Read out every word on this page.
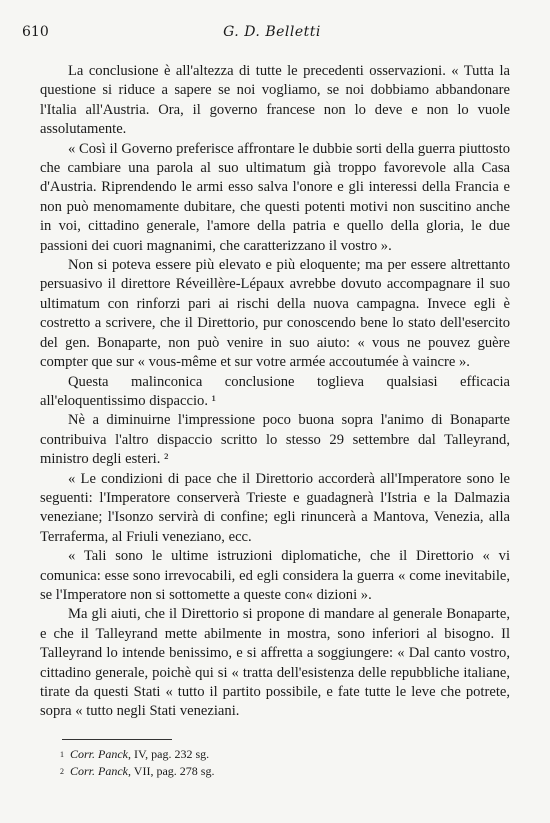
610	G. D. Belletti

La conclusione è all'altezza di tutte le precedenti osservazioni. « Tutta la questione si riduce a sapere se noi vogliamo, se noi dobbiamo abbandonare l'Italia all'Austria. Ora, il governo francese non lo deve e non lo vuole assolutamente.

« Così il Governo preferisce affrontare le dubbie sorti della guerra piuttosto che cambiare una parola al suo ultimatum già troppo favorevole alla Casa d'Austria. Riprendendo le armi esso salva l'onore e gli interessi della Francia e non può menomamente dubitare, che questi potenti motivi non suscitino anche in voi, cittadino generale, l'amore della patria e quello della gloria, le due passioni dei cuori magnanimi, che caratterizzano il vostro ».

Non si poteva essere più elevato e più eloquente; ma per essere altrettanto persuasivo il direttore Réveillère-Lépaux avrebbe dovuto accompagnare il suo ultimatum con rinforzi pari ai rischi della nuova campagna. Invece egli è costretto a scrivere, che il Direttorio, pur conoscendo bene lo stato dell'esercito del gen. Bonaparte, non può venire in suo aiuto: « vous ne pouvez guère compter que sur « vous-même et sur votre armée accoutumée à vaincre ».

Questa malinconica conclusione toglieva qualsiasi efficacia all'eloquentissimo dispaccio. ¹

Nè a diminuirne l'impressione poco buona sopra l'animo di Bonaparte contribuiva l'altro dispaccio scritto lo stesso 29 settembre dal Talleyrand, ministro degli esteri. ²

« Le condizioni di pace che il Direttorio accorderà all'Imperatore sono le seguenti: l'Imperatore conserverà Trieste e guadagnerà l'Istria e la Dalmazia veneziane; l'Isonzo servirà di confine; egli rinuncerà a Mantova, Venezia, alla Terraferma, al Friuli veneziano, ecc.

« Tali sono le ultime istruzioni diplomatiche, che il Direttorio « vi comunica: esse sono irrevocabili, ed egli considera la guerra « come inevitabile, se l'Imperatore non si sottomette a queste con« dizioni ».

Ma gli aiuti, che il Direttorio si propone di mandare al generale Bonaparte, e che il Talleyrand mette abilmente in mostra, sono inferiori al bisogno. Il Talleyrand lo intende benissimo, e si affretta a soggiungere: « Dal canto vostro, cittadino generale, poichè qui si « tratta dell'esistenza delle repubbliche italiane, tirate da questi Stati « tutto il partito possibile, e fate tutte le leve che potrete, sopra « tutto negli Stati veneziani.

$^1$ Corr. Panck, IV, pag. 232 sg.
$^2$ Corr. Panck, VII, pag. 278 sg.
